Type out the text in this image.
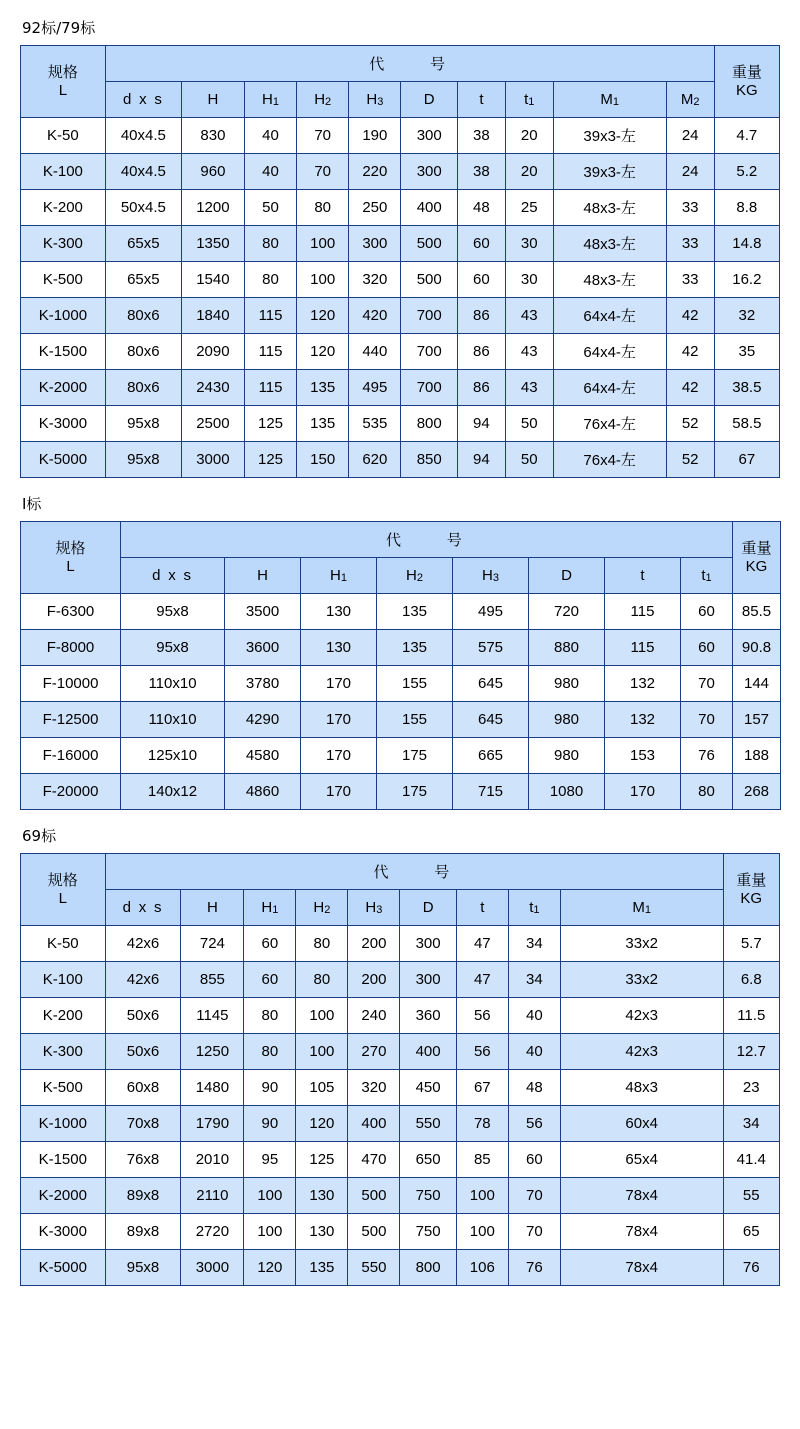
92标/79标
规格
L	代　　号										重量
KG

	d x s	H	H1	H2	H3	D	t	t1	M1	M2	
K-50	40x4.5	830	40	70	190	300	38	20	39x3-左	24	4.7
K-100	40x4.5	960	40	70	220	300	38	20	39x3-左	24	5.2
K-200	50x4.5	1200	50	80	250	400	48	25	48x3-左	33	8.8
K-300	65x5	1350	80	100	300	500	60	30	48x3-左	33	14.8
K-500	65x5	1540	80	100	320	500	60	30	48x3-左	33	16.2
K-1000	80x6	1840	115	120	420	700	86	43	64x4-左	42	32
K-1500	80x6	2090	115	120	440	700	86	43	64x4-左	42	35
K-2000	80x6	2430	115	135	495	700	86	43	64x4-左	42	38.5
K-3000	95x8	2500	125	135	535	800	94	50	76x4-左	52	58.5
K-5000	95x8	3000	125	150	620	850	94	50	76x4-左	52	67
I标
规格
L	代　　号								重量
KG

	d x s	H	H1	H2	H3	D	t	t1	
F-6300	95x8	3500	130	135	495	720	115	60	85.5
F-8000	95x8	3600	130	135	575	880	115	60	90.8
F-10000	110x10	3780	170	155	645	980	132	70	144
F-12500	110x10	4290	170	155	645	980	132	70	157
F-16000	125x10	4580	170	175	665	980	153	76	188
F-20000	140x12	4860	170	175	715	1080	170	80	268
69标
规格
L	代　　号									重量
KG

	d x s	H	H1	H2	H3	D	t	t1	M1	
K-50	42x6	724	60	80	200	300	47	34	33x2	5.7
K-100	42x6	855	60	80	200	300	47	34	33x2	6.8
K-200	50x6	1145	80	100	240	360	56	40	42x3	11.5
K-300	50x6	1250	80	100	270	400	56	40	42x3	12.7
K-500	60x8	1480	90	105	320	450	67	48	48x3	23
K-1000	70x8	1790	90	120	400	550	78	56	60x4	34
K-1500	76x8	2010	95	125	470	650	85	60	65x4	41.4
K-2000	89x8	2110	100	130	500	750	100	70	78x4	55
K-3000	89x8	2720	100	130	500	750	100	70	78x4	65
K-5000	95x8	3000	120	135	550	800	106	76	78x4	76
